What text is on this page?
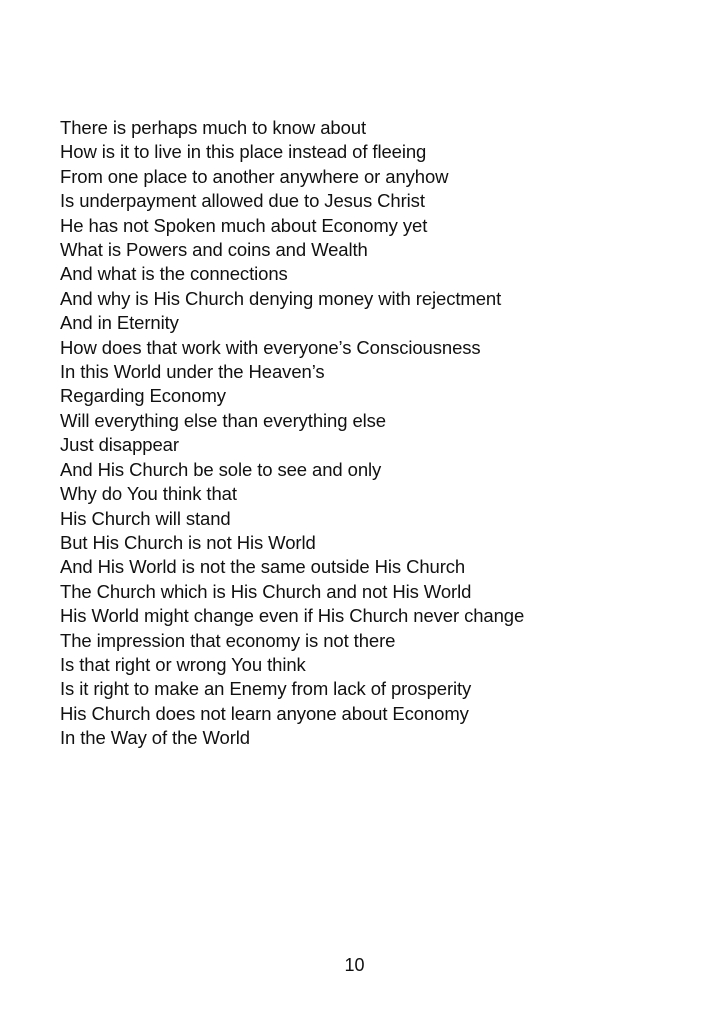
There is perhaps much to know about
How is it to live in this place instead of fleeing
From one place to another anywhere or anyhow
Is underpayment allowed due to Jesus Christ
He has not Spoken much about Economy yet
What is Powers and coins and Wealth
And what is the connections
And why is His Church denying money with rejectment
And in Eternity
How does that work with everyone’s Consciousness
In this World under the Heaven’s
Regarding Economy
Will everything else than everything else
Just disappear
And His Church be sole to see and only
Why do You think that
His Church will stand
But His Church is not His World
And His World is not the same outside His Church
The Church which is His Church and not His World
His World might change even if His Church never change
The impression that economy is not there
Is that right or wrong You think
Is it right to make an Enemy from lack of prosperity
His Church does not learn anyone about Economy
In the Way of the World
10
